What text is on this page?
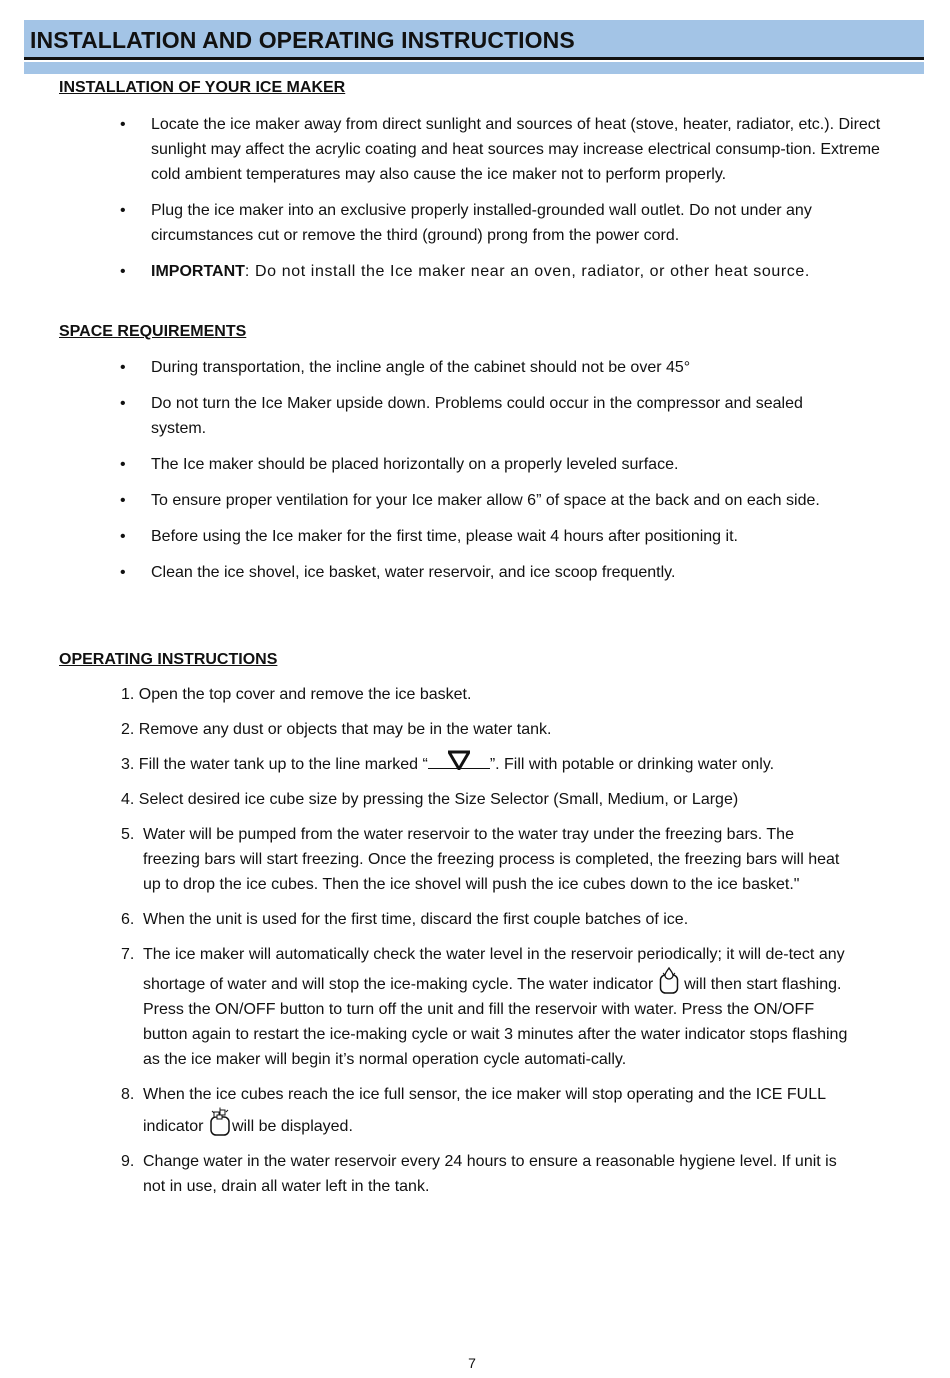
INSTALLATION AND OPERATING INSTRUCTIONS
INSTALLATION OF YOUR ICE MAKER
• Locate the ice maker away from direct sunlight and sources of heat (stove, heater, radiator, etc.). Direct sunlight may affect the acrylic coating and heat sources may increase electrical consump-tion. Extreme cold ambient temperatures may also cause the ice maker not to perform properly.
• Plug the ice maker into an exclusive properly installed-grounded wall outlet. Do not under any circumstances cut or remove the third (ground) prong from the power cord.
• IMPORTANT: Do not install the Ice maker near an oven, radiator, or other heat source.
SPACE REQUIREMENTS
• During transportation, the incline angle of the cabinet should not be over 45°
• Do not turn the Ice Maker upside down. Problems could occur in the compressor and sealed system.
• The Ice maker should be placed horizontally on a properly leveled surface.
• To ensure proper ventilation for your Ice maker allow 6” of space at the back and on each side.
• Before using the Ice maker for the first time, please wait 4 hours after positioning it.
• Clean the ice shovel, ice basket, water reservoir, and ice scoop frequently.
OPERATING INSTRUCTIONS
1. Open the top cover and remove the ice basket.
2. Remove any dust or objects that may be in the water tank.
3. Fill the water tank up to the line marked “	”. Fill with potable or drinking water only.
4. Select desired ice cube size by pressing the Size Selector (Small, Medium, or Large)
5. Water will be pumped from the water reservoir to the water tray under the freezing bars. The freezing bars will start freezing. Once the freezing process is completed, the freezing bars will heat up to drop the ice cubes. Then the ice shovel will push the ice cubes down to the ice basket."
6. When the unit is used for the first time, discard the first couple batches of ice.
7. The ice maker will automatically check the water level in the reservoir periodically; it will de-tect any shortage of water and will stop the ice-making cycle. The water indicator  will then start flashing. Press the ON/OFF button to turn off the unit and fill the reservoir with water. Press the ON/OFF button again to restart the ice-making cycle or wait 3 minutes after the water indicator stops flashing as the ice maker will begin it’s normal operation cycle automati-cally.
8. When the ice cubes reach the ice full sensor, the ice maker will stop operating and the ICE FULL indicator will be displayed.
9. Change water in the water reservoir every 24 hours to ensure a reasonable hygiene level. If unit is not in use, drain all water left in the tank.
7
